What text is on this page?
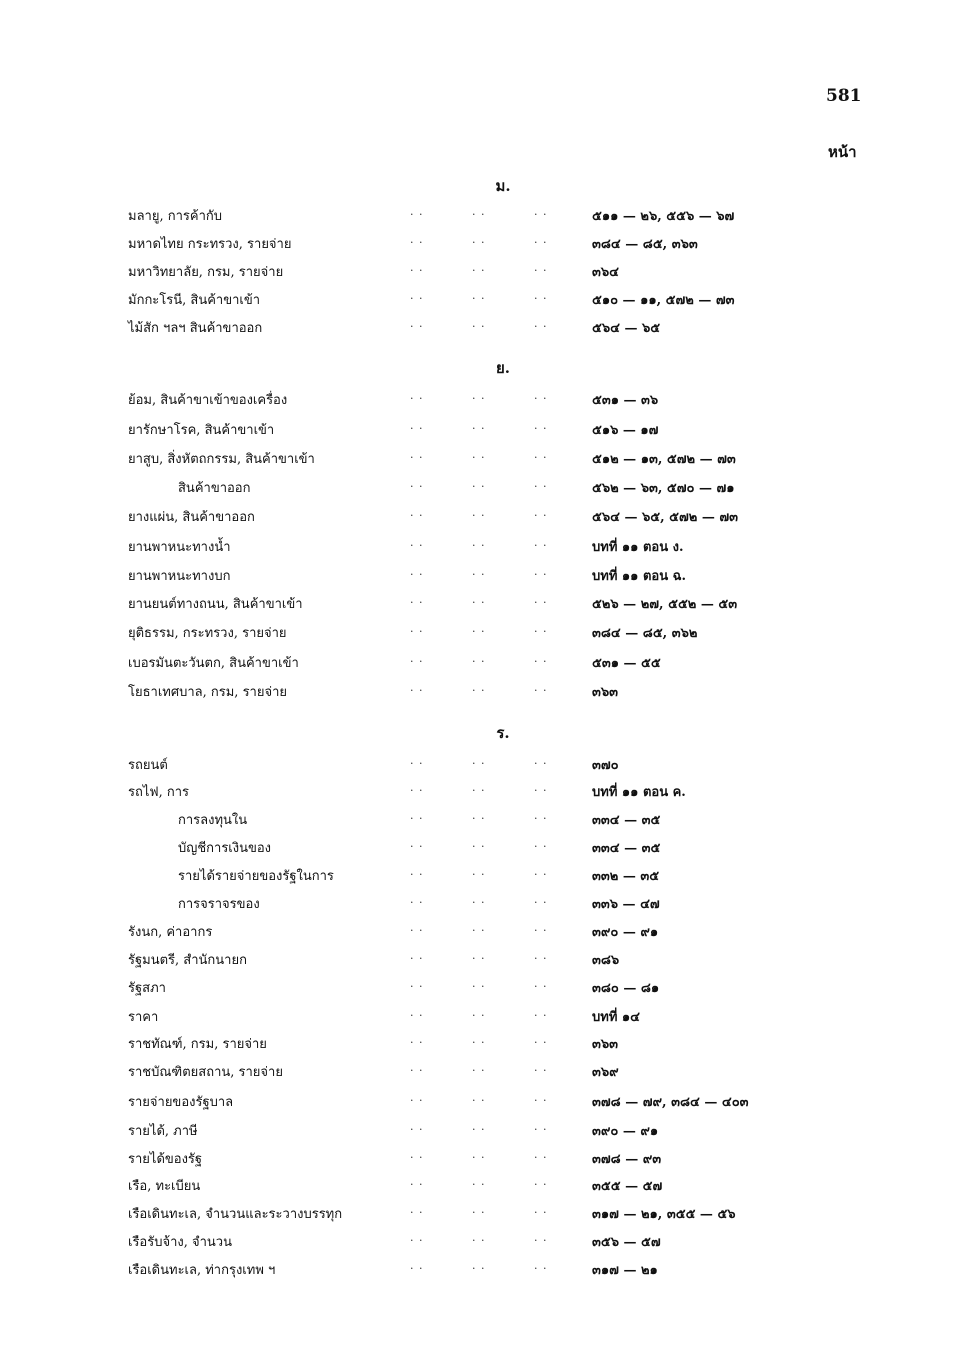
581
หน้า
ม.
มลายู, การค้ากับ	. .	. .	. .	๕๑๑ — ๒๖, ๕๕๖ — ๖๗
มหาดไทย กระทรวง, รายจ่าย	. .	. .	. .	๓๘๔ — ๘๕, ๓๖๓
มหาวิทยาลัย, กรม, รายจ่าย	. .	. .	. .	๓๖๔
มักกะโรนี, สินค้าขาเข้า	. .	. .	. .	๕๑๐ — ๑๑, ๕๗๒ — ๗๓
ไม้สัก ฯลฯ สินค้าขาออก	. .	. .	. .	๕๖๔ — ๖๕
ย.
ย้อม, สินค้าขาเข้าของเครื่อง	. .	. .	. .	๕๓๑ — ๓๖
ยารักษาโรค, สินค้าขาเข้า	. .	. .	. .	๕๑๖ — ๑๗
ยาสูบ, สิ่งหัตถกรรม, สินค้าขาเข้า	. .	. .	. .	๕๑๒ — ๑๓, ๕๗๒ — ๗๓
สินค้าขาออก	. .	. .	. .	๕๖๒ — ๖๓, ๕๗๐ — ๗๑
ยางแผ่น, สินค้าขาออก	. .	. .	. .	๕๖๔ — ๖๕, ๕๗๒ — ๗๓
ยานพาหนะทางน้ำ	. .	. .	. .	บทที่ ๑๑ ตอน ง.
ยานพาหนะทางบก	. .	. .	. .	บทที่ ๑๑ ตอน ฉ.
ยานยนต์ทางถนน, สินค้าขาเข้า	. .	. .	. .	๕๒๖ — ๒๗, ๕๕๒ — ๕๓
ยุติธรรม, กระทรวง, รายจ่าย	. .	. .	. .	๓๘๔ — ๘๕, ๓๖๒
เบอรมันตะวันตก, สินค้าขาเข้า	. .	. .	. .	๕๓๑ — ๕๕
โยธาเทศบาล, กรม, รายจ่าย	. .	. .	. .	๓๖๓
ร.
รถยนต์	. .	. .	. .	๓๗๐
รถไฟ, การ	. .	. .	. .	บทที่ ๑๑ ตอน ค.
การลงทุนใน	. .	. .	. .	๓๓๔ — ๓๕
บัญชีการเงินของ	. .	. .	. .	๓๓๔ — ๓๕
รายได้รายจ่ายของรัฐในการ	. .	. .	. .	๓๓๒ — ๓๕
การจราจรของ	. .	. .	. .	๓๓๖ — ๔๗
รังนก, ค่าอากร	. .	. .	. .	๓๙๐ — ๙๑
รัฐมนตรี, สำนักนายก	. .	. .	. .	๓๘๖
รัฐสภา	. .	. .	. .	๓๘๐ — ๘๑
ราคา	. .	. .	. .	บทที่ ๑๔
ราชทัณฑ์, กรม, รายจ่าย	. .	. .	. .	๓๖๓
ราชบัณฑิตยสถาน, รายจ่าย	. .	. .	. .	๓๖๙
รายจ่ายของรัฐบาล	. .	. .	. .	๓๗๘ — ๗๙, ๓๘๔ — ๔๐๓
รายได้, ภาษี	. .	. .	. .	๓๙๐ — ๙๑
รายได้ของรัฐ	. .	. .	. .	๓๗๘ — ๙๓
เรือ, ทะเบียน	. .	. .	. .	๓๕๕ — ๕๗
เรือเดินทะเล, จำนวนและระวางบรรทุก	. .	. .	. .	๓๑๗ — ๒๑, ๓๕๕ — ๕๖
เรือรับจ้าง, จำนวน	. .	. .	. .	๓๕๖ — ๕๗
เรือเดินทะเล, ท่ากรุงเทพ ฯ	. .	. .	. .	๓๑๗ — ๒๑
